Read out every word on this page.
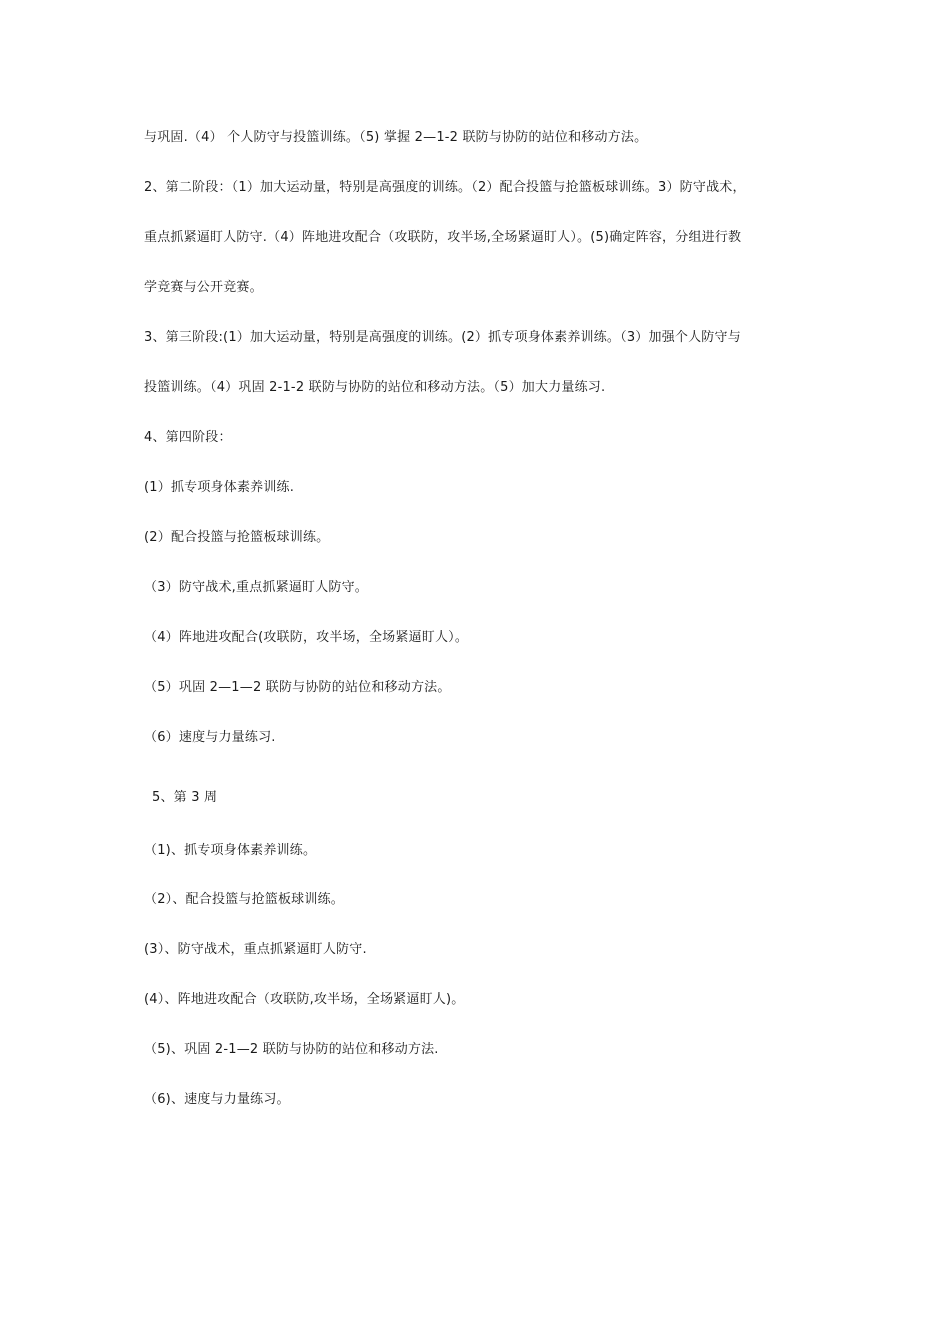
与巩固.（4） 个人防守与投篮训练。（5) 掌握 2—1-2 联防与协防的站位和移动方法。
2、第二阶段：（1）加大运动量，特别是高强度的训练。（2）配合投篮与抢篮板球训练。3）防守战术，
重点抓紧逼盯人防守.（4）阵地进攻配合（攻联防，攻半场,全场紧逼盯人）。(5)确定阵容，分组进行教
学竞赛与公开竞赛。
3、第三阶段:(1）加大运动量，特别是高强度的训练。(2）抓专项身体素养训练。（3）加强个人防守与
投篮训练。（4）巩固 2-1-2 联防与协防的站位和移动方法。（5）加大力量练习.
4、第四阶段：
(1）抓专项身体素养训练.
(2）配合投篮与抢篮板球训练。
（3）防守战术,重点抓紧逼盯人防守。
（4）阵地进攻配合(攻联防，攻半场，全场紧逼盯人）。
（5）巩固 2—1—2 联防与协防的站位和移动方法。
（6）速度与力量练习.
5、第 3 周
（1)、抓专项身体素养训练。
（2）、配合投篮与抢篮板球训练。
(3）、防守战术，重点抓紧逼盯人防守.
(4）、阵地进攻配合（攻联防,攻半场，全场紧逼盯人)。
（5)、巩固 2-1—2 联防与协防的站位和移动方法.
（6)、速度与力量练习。
